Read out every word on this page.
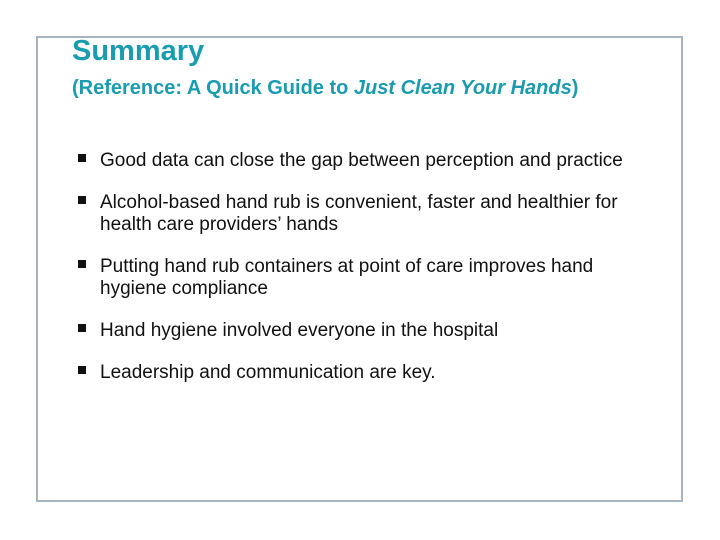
Summary

(Reference: A Quick Guide to Just Clean Your Hands)

Good data can close the gap between perception and practice
Alcohol-based hand rub is convenient, faster and healthier for health care providers’ hands
Putting hand rub containers at point of care improves hand hygiene compliance
Hand hygiene involved everyone in the hospital
Leadership and communication are key.
